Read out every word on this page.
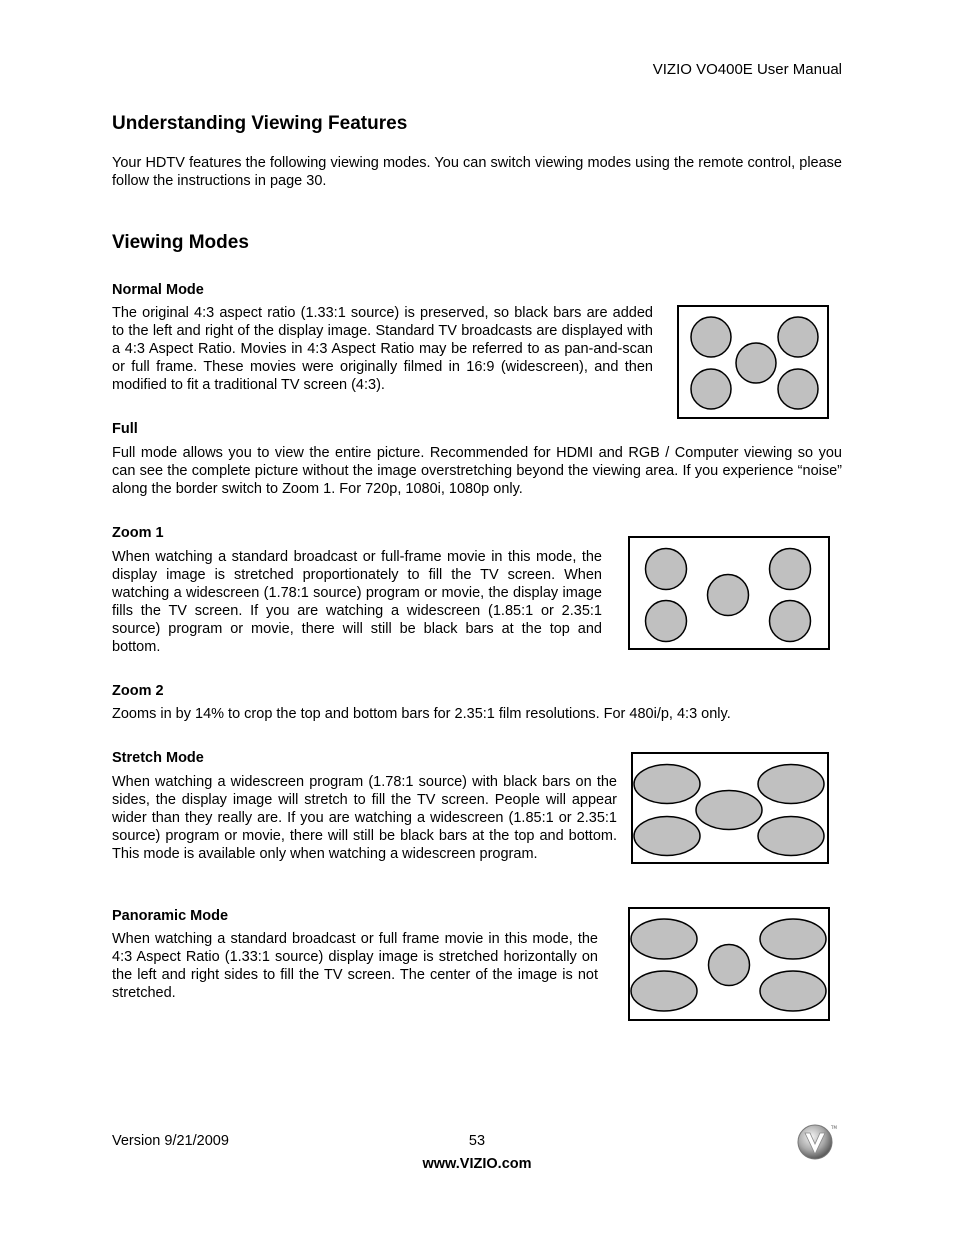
VIZIO VO400E User Manual
Understanding Viewing Features
Your HDTV features the following viewing modes. You can switch viewing modes using the remote control, please follow the instructions in page 30.
Viewing Modes
Normal Mode
The original 4:3 aspect ratio (1.33:1 source) is preserved, so black bars are added to the left and right of the display image. Standard TV broadcasts are displayed with a 4:3 Aspect Ratio. Movies in 4:3 Aspect Ratio may be referred to as pan-and-scan or full frame. These movies were originally filmed in 16:9 (widescreen), and then modified to fit a traditional TV screen (4:3).
Full
Full mode allows you to view the entire picture. Recommended for HDMI and RGB / Computer viewing so you can see the complete picture without the image overstretching beyond the viewing area. If you experience “noise” along the border switch to Zoom 1. For 720p, 1080i, 1080p only.
Zoom 1
When watching a standard broadcast or full-frame movie in this mode, the display image is stretched proportionately to fill the TV screen. When watching a widescreen (1.78:1 source) program or movie, the display image fills the TV screen. If you are watching a widescreen (1.85:1 or 2.35:1 source) program or movie, there will still be black bars at the top and bottom.
Zoom 2
Zooms in by 14% to crop the top and bottom bars for 2.35:1 film resolutions. For 480i/p, 4:3 only.
Stretch Mode
When watching a widescreen program (1.78:1 source) with black bars on the sides, the display image will stretch to fill the TV screen. People will appear wider than they really are. If you are watching a widescreen (1.85:1 or 2.35:1 source) program or movie, there will still be black bars at the top and bottom. This mode is available only when watching a widescreen program.
Panoramic Mode
When watching a standard broadcast or full frame movie in this mode, the 4:3 Aspect Ratio (1.33:1 source) display image is stretched horizontally on the left and right sides to fill the TV screen. The center of the image is not stretched.
Version 9/21/2009	53
www.VIZIO.com
TM
